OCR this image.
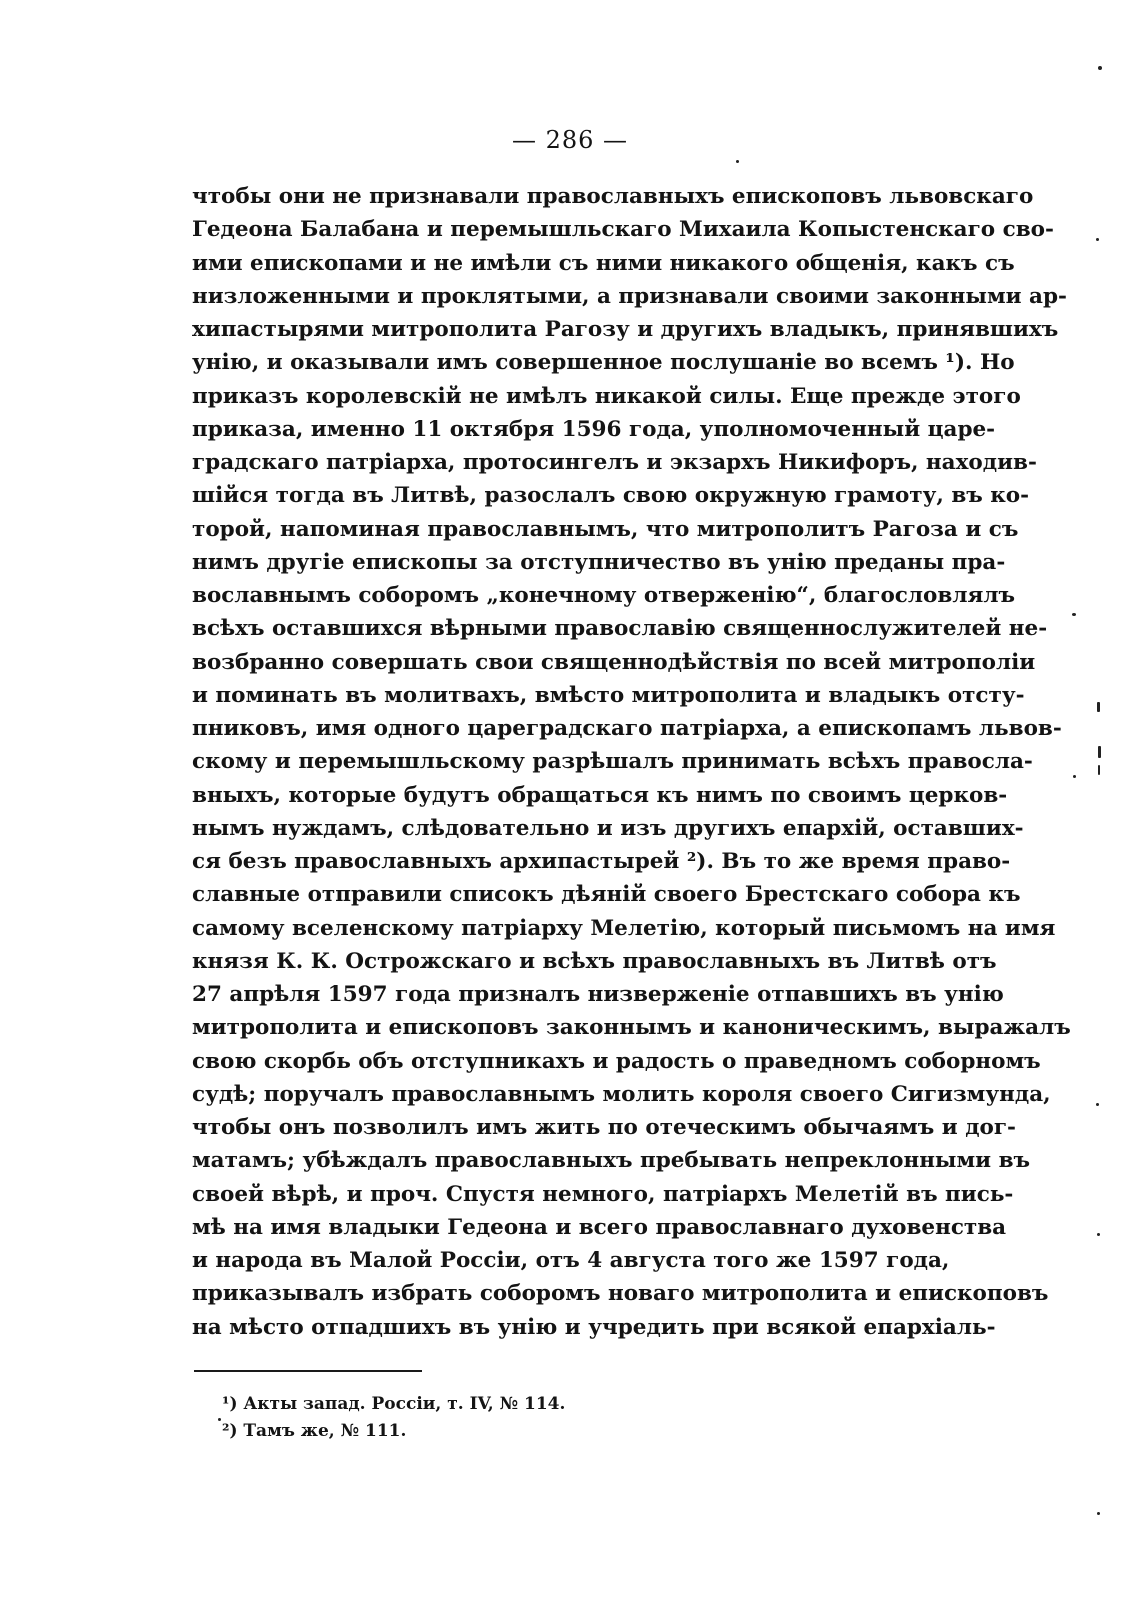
— 286 —
чтобы они не признавали православныхъ епископовъ львовскаго
Гедеона Балабана и перемышльскаго Михаила Копыстенскаго сво-
ими епископами и не имѣли съ ними никакого общенія, какъ съ
низложенными и проклятыми, а признавали своими законными ар-
хипастырями митрополита Рагозу и другихъ владыкъ, принявшихъ
унію, и оказывали имъ совершенное послушаніе во всемъ ¹). Но
приказъ королевскій не имѣлъ никакой силы. Еще прежде этого
приказа, именно 11 октября 1596 года, уполномоченный царе-
градскаго патріарха, протосингелъ и экзархъ Никифоръ, находив-
шійся тогда въ Литвѣ, разослалъ свою окружную грамоту, въ ко-
торой, напоминая православнымъ, что митрополитъ Рагоза и съ
нимъ другіе епископы за отступничество въ унію преданы пра-
вославнымъ соборомъ „конечному отверженію“, благословлялъ
всѣхъ оставшихся вѣрными православію священнослужителей не-
возбранно совершать свои священнодѣйствія по всей митрополіи
и поминать въ молитвахъ, вмѣсто митрополита и владыкъ отсту-
пниковъ, имя одного цареградскаго патріарха, а епископамъ львов-
скому и перемышльскому разрѣшалъ принимать всѣхъ правосла-
вныхъ, которые будутъ обращаться къ нимъ по своимъ церков-
нымъ нуждамъ, слѣдовательно и изъ другихъ епархій, оставших-
ся безъ православныхъ архипастырей ²). Въ то же время право-
славные отправили списокъ дѣяній своего Брестскаго собора къ
самому вселенскому патріарху Мелетію, который письмомъ на имя
князя К. К. Острожскаго и всѣхъ православныхъ въ Литвѣ отъ
27 апрѣля 1597 года призналъ низверженіе отпавшихъ въ унію
митрополита и епископовъ законнымъ и каноническимъ, выражалъ
свою скорбь объ отступникахъ и радость о праведномъ соборномъ
судѣ; поручалъ православнымъ молить короля своего Сигизмунда,
чтобы онъ позволилъ имъ жить по отеческимъ обычаямъ и дог-
матамъ; убѣждалъ православныхъ пребывать непреклонными въ
своей вѣрѣ, и проч. Спустя немного, патріархъ Мелетій въ пись-
мѣ на имя владыки Гедеона и всего православнаго духовенства
и народа въ Малой Россіи, отъ 4 августа того же 1597 года,
приказывалъ избрать соборомъ новаго митрополита и епископовъ
на мѣсто отпадшихъ въ унію и учредить при всякой епархіаль-
¹) Акты запад. Россіи, т. IV, № 114.
²) Тамъ же, № 111.
